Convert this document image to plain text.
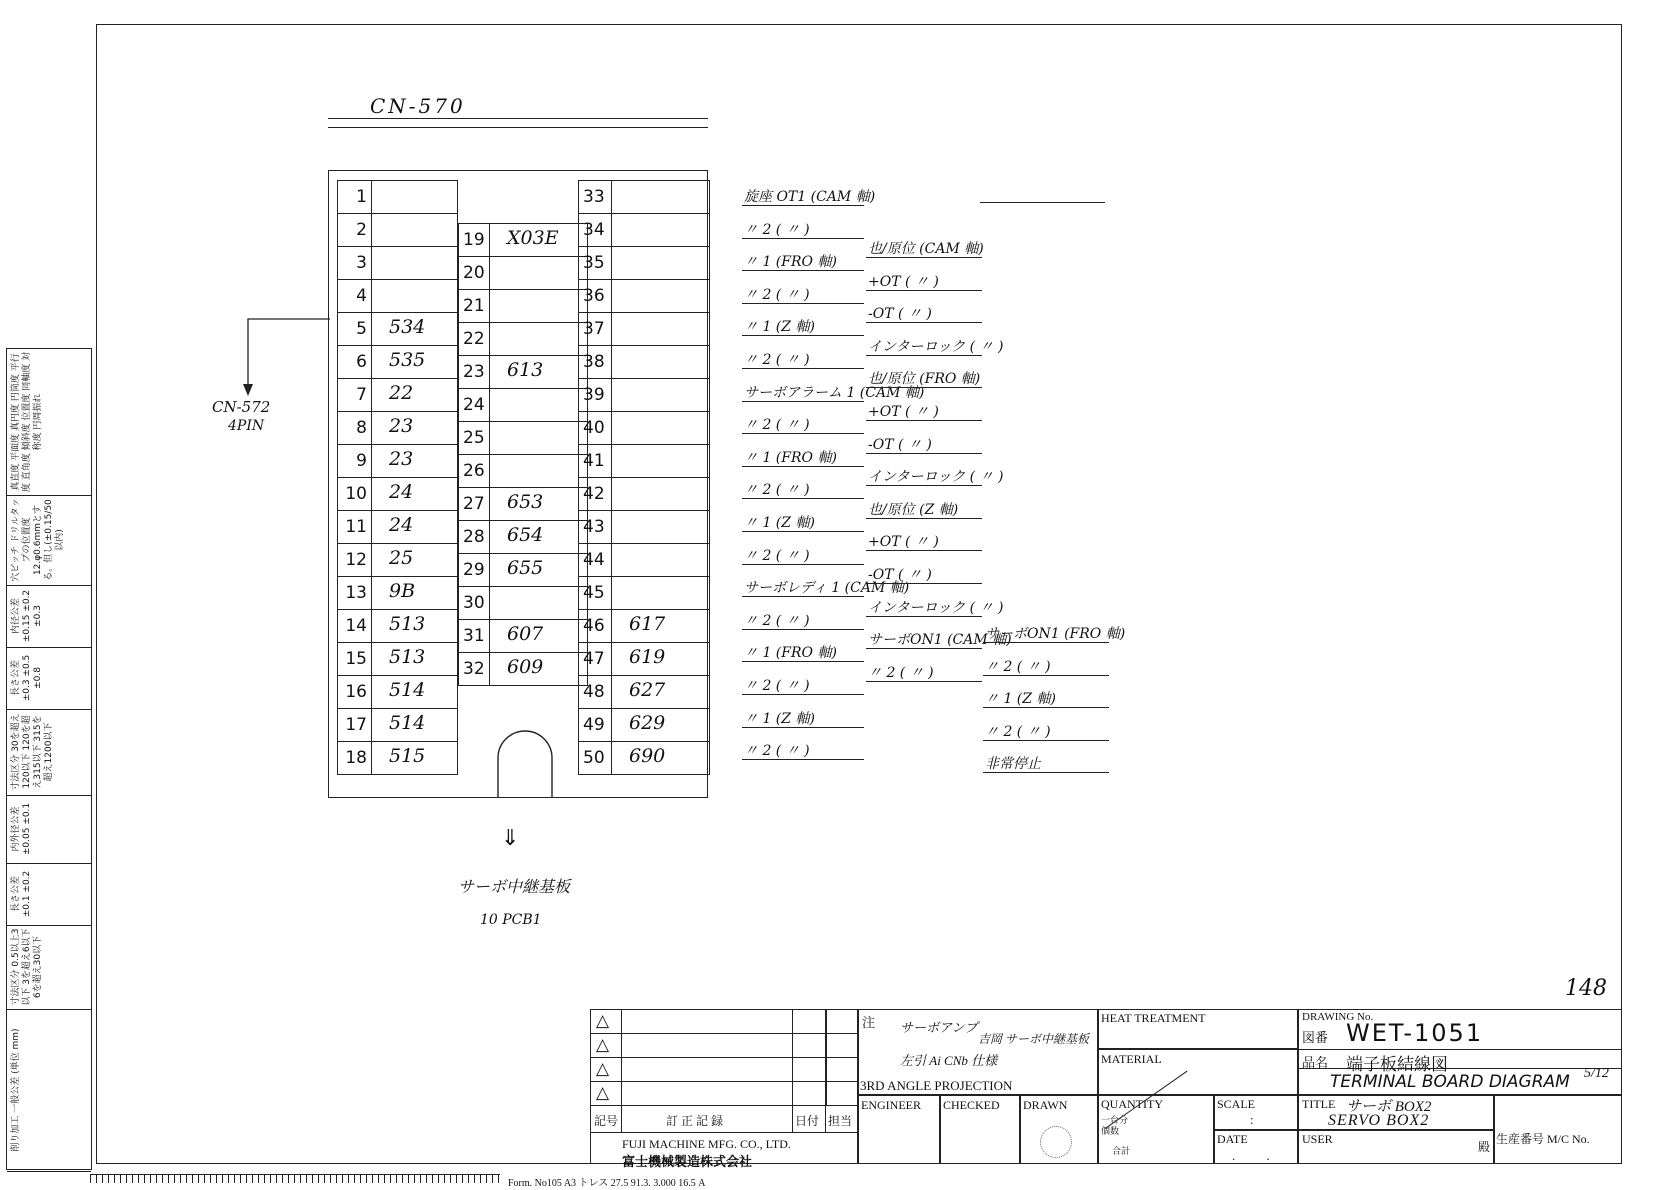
真直度 平面度 真円度 円筒度 平行度 直角度 傾斜度 位置度 同軸度 対称度 円周振れ
穴ピッチ ドリルタップの位置度12.φ0.6mmとする。但し(±0.15/50以内)
内径公差 ±0.15 ±0.2 ±0.3
長さ公差 ±0.3 ±0.5 ±0.8
寸法区分 30を超え120以下 120を超え315以下 315を超え1200以下
内外径公差 ±0.05 ±0.1
長さ公差 ±0.1 ±0.2
寸法区分 0.5以上3以下 3を超え6以下 6を超え30以下
削り加工 一般公差 (単位 mm)
CN-570
1
2
3
4
5 534
6 535
7 22
8 23
9 23
10 24
11 24
12 25
13 9B
14 513
15 513
16 514
17 514
18 515
19 X03E
20
21
22
23 613
24
25
26
27 653
28 654
29 655
30
31 607
32 609
33
34
35
36
37
38
39
40
41
42
43
44
45
46 617
47 619
48 627
49 629
50 690
CN-572
4PIN
⇓
サーボ中継基板
10 PCB1
旋座 OT1 (CAM 軸)
〃 2 ( 〃 )
〃 1 (FRO 軸)
〃 2 ( 〃 )
〃 1 (Z 軸)
〃 2 ( 〃 )
サーボアラーム 1 (CAM 軸)
〃 2 ( 〃 )
〃 1 (FRO 軸)
〃 2 ( 〃 )
〃 1 (Z 軸)
〃 2 ( 〃 )
サーボレディ 1 (CAM 軸)
〃 2 ( 〃 )
〃 1 (FRO 軸)
〃 2 ( 〃 )
〃 1 (Z 軸)
〃 2 ( 〃 )
也/原位 (CAM 軸)
+OT ( 〃 )
-OT ( 〃 )
インターロック ( 〃 )
也/原位 (FRO 軸)
+OT ( 〃 )
-OT ( 〃 )
インターロック ( 〃 )
也/原位 (Z 軸)
+OT ( 〃 )
-OT ( 〃 )
インターロック ( 〃 )
サーボON1 (CAM 軸)
〃 2 ( 〃 )
サーボON1 (FRO 軸)
〃 2 ( 〃 )
〃 1 (Z 軸)
〃 2 ( 〃 )
非常停止
148
△
△
△
△
記号	訂 正 記 録	日付 担当
FUJI MACHINE MFG. CO., LTD.
富士機械製造株式会社
注 サーボアンプ
吉岡 サーボ中継基板
左引 Ai CNb 仕様
3RD ANGLE PROJECTION
ENGINEER CHECKED DRAWN
HEAT TREATMENT
MATERIAL
QUANTITY
一台分
個数
合計
SCALE
:
DATE
. .
DRAWING No.
図番 WET-1051
品名 端子板結線図
TERMINAL BOARD DIAGRAM 5/12
TITLE サーボ BOX2
SERVO BOX2
USER
殿
生産番号 M/C No.
Form. No105 A3 トレス 27.5 91.3. 3.000 16.5 A
